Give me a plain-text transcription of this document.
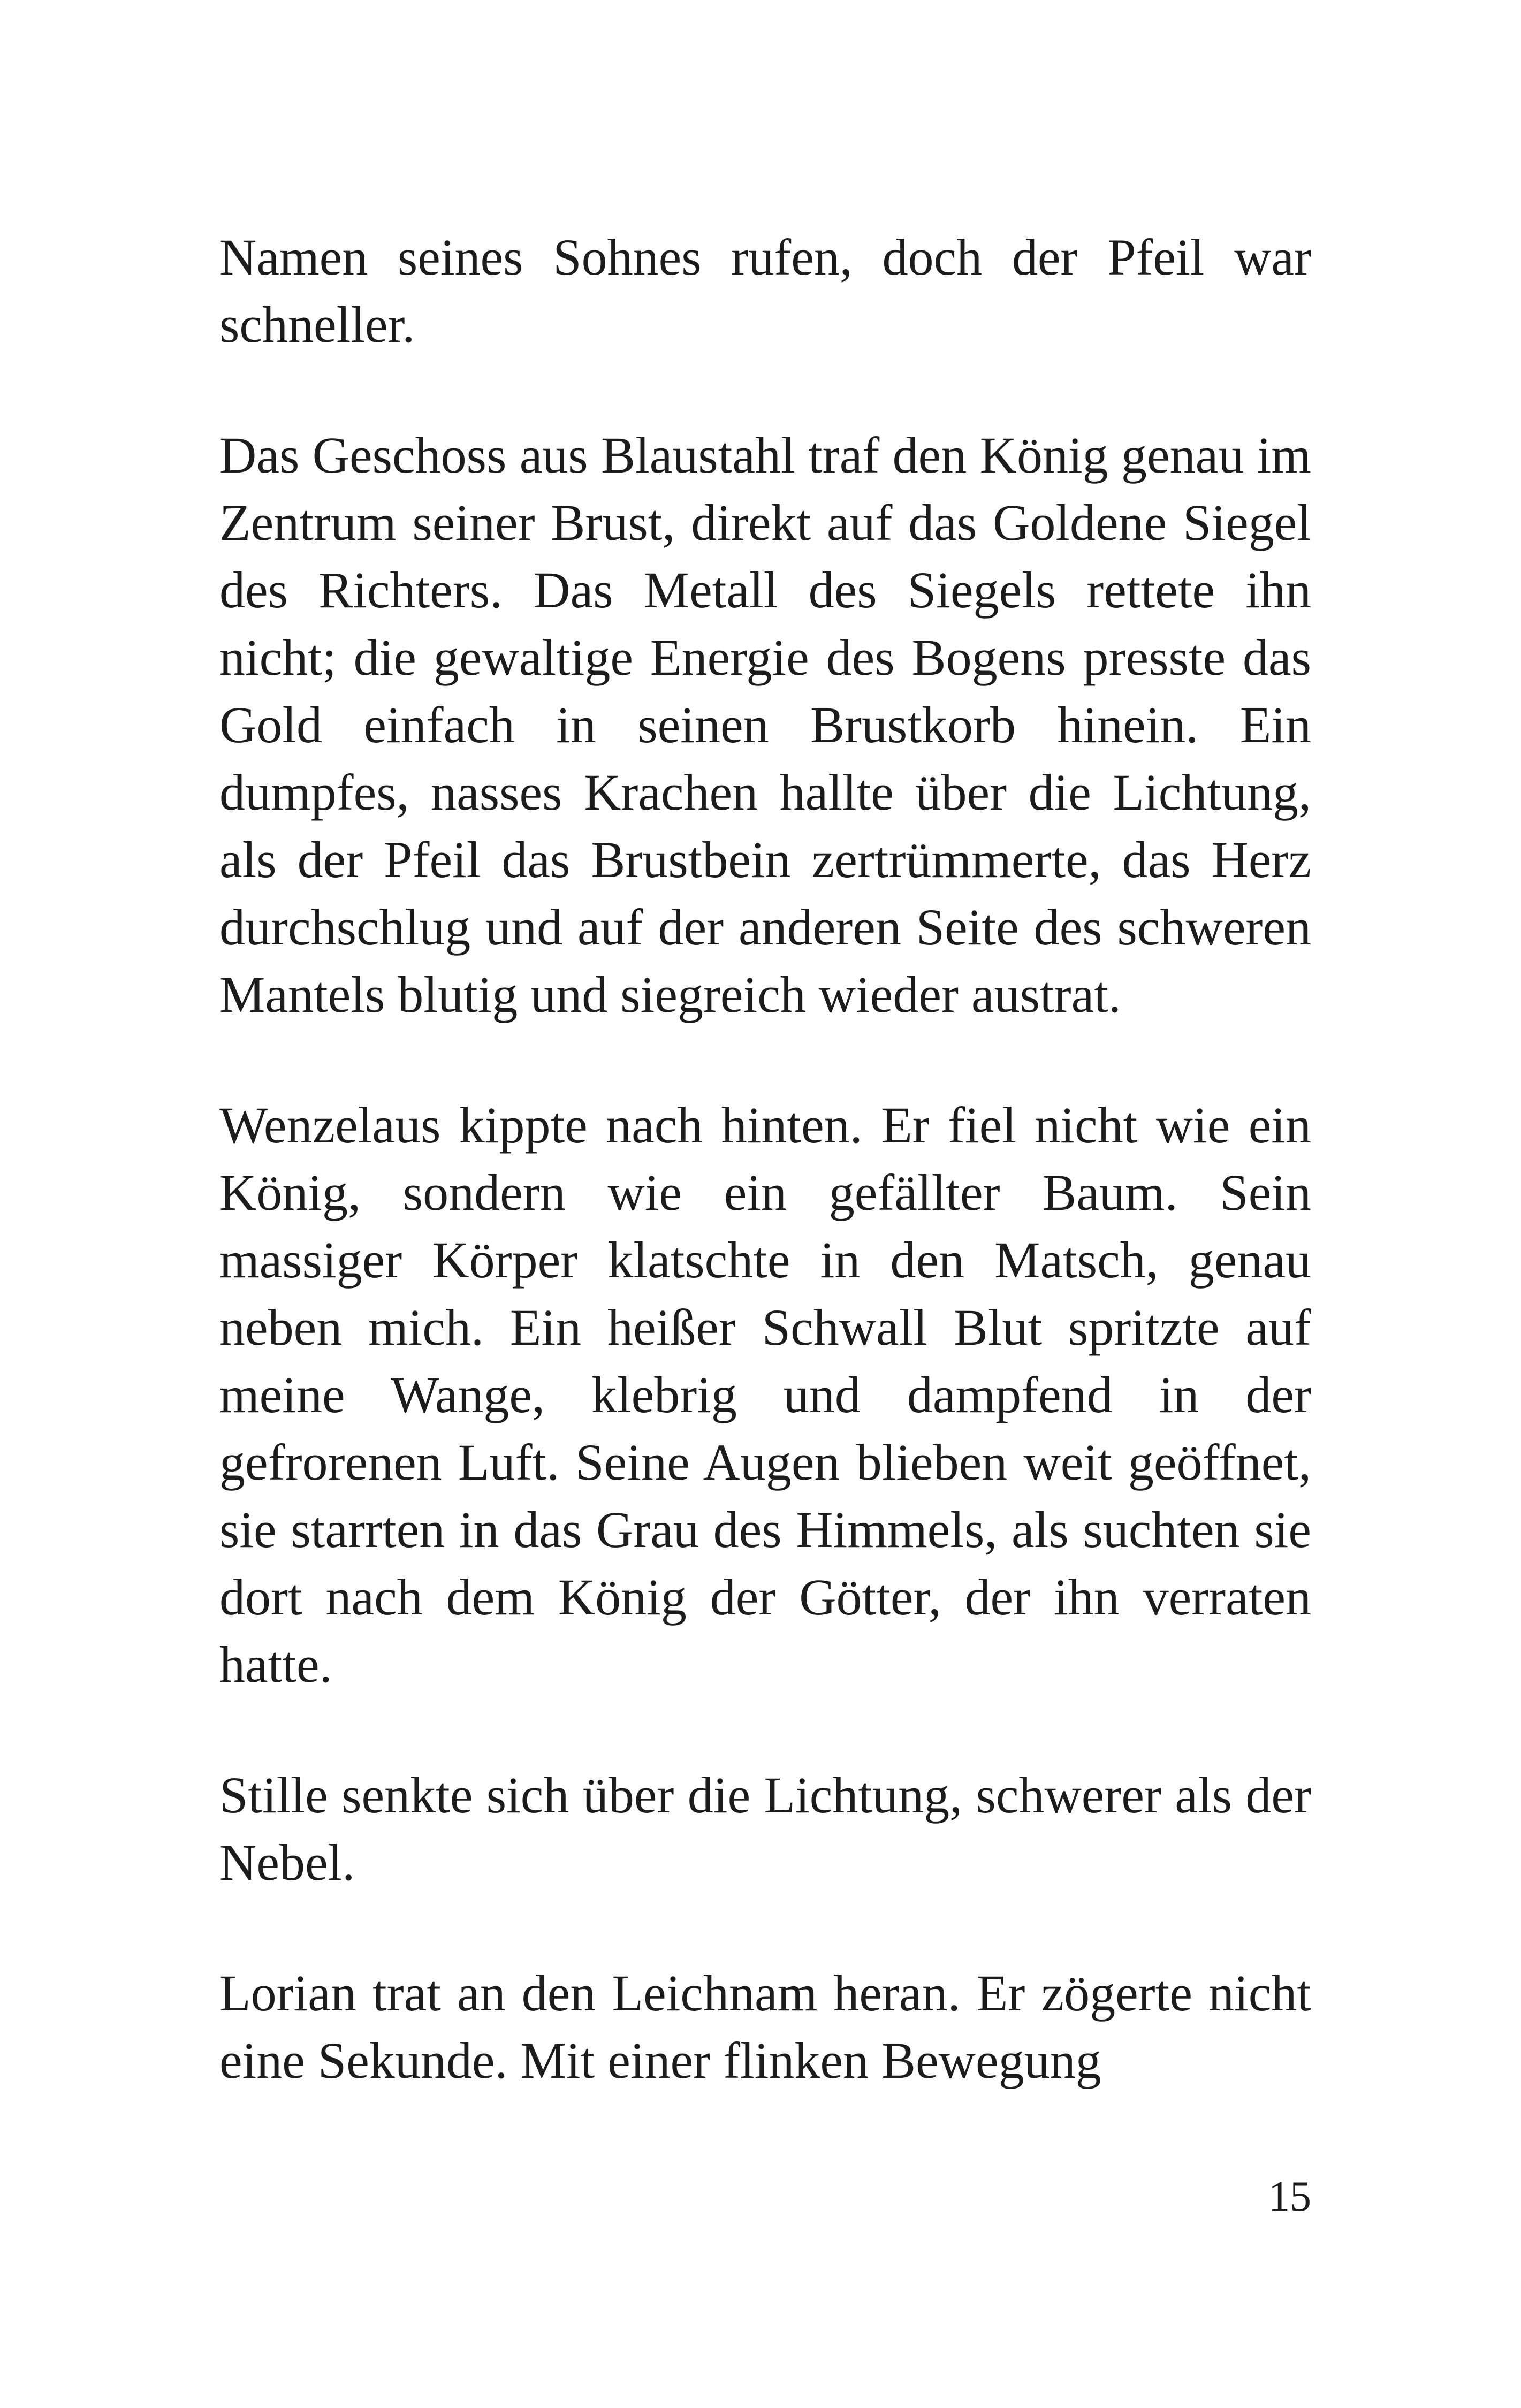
Namen seines Sohnes rufen, doch der Pfeil war schneller.

Das Geschoss aus Blaustahl traf den König genau im Zentrum seiner Brust, direkt auf das Goldene Siegel des Richters. Das Metall des Siegels rettete ihn nicht; die gewaltige Energie des Bogens presste das Gold einfach in seinen Brustkorb hinein. Ein dumpfes, nasses Krachen hallte über die Lichtung, als der Pfeil das Brustbein zertrümmerte, das Herz durchschlug und auf der anderen Seite des schweren Mantels blutig und siegreich wieder austrat.

Wenzelaus kippte nach hinten. Er fiel nicht wie ein König, sondern wie ein gefällter Baum. Sein massiger Körper klatschte in den Matsch, genau neben mich. Ein heißer Schwall Blut spritzte auf meine Wange, klebrig und dampfend in der gefrorenen Luft. Seine Augen blieben weit geöffnet, sie starrten in das Grau des Himmels, als suchten sie dort nach dem König der Götter, der ihn verraten hatte.

Stille senkte sich über die Lichtung, schwerer als der Nebel.

Lorian trat an den Leichnam heran. Er zögerte nicht eine Sekunde. Mit einer flinken Bewegung

15
